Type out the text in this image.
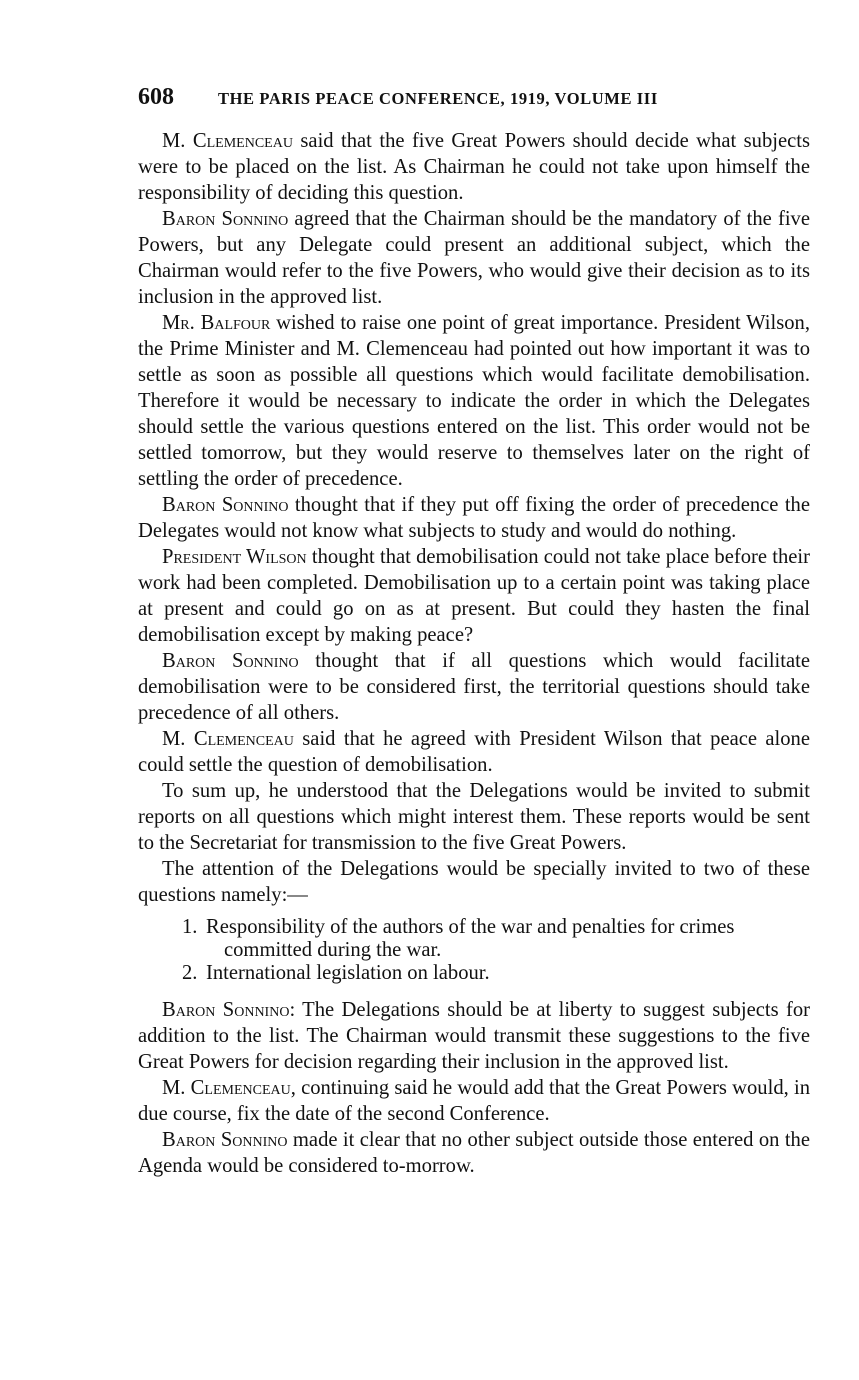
608	THE PARIS PEACE CONFERENCE, 1919, VOLUME III

M. Clemenceau said that the five Great Powers should decide what subjects were to be placed on the list. As Chairman he could not take upon himself the responsibility of deciding this question.

Baron Sonnino agreed that the Chairman should be the mandatory of the five Powers, but any Delegate could present an additional subject, which the Chairman would refer to the five Powers, who would give their decision as to its inclusion in the approved list.

Mr. Balfour wished to raise one point of great importance. President Wilson, the Prime Minister and M. Clemenceau had pointed out how important it was to settle as soon as possible all questions which would facilitate demobilisation. Therefore it would be necessary to indicate the order in which the Delegates should settle the various questions entered on the list. This order would not be settled tomorrow, but they would reserve to themselves later on the right of settling the order of precedence.

Baron Sonnino thought that if they put off fixing the order of precedence the Delegates would not know what subjects to study and would do nothing.

President Wilson thought that demobilisation could not take place before their work had been completed. Demobilisation up to a certain point was taking place at present and could go on as at present. But could they hasten the final demobilisation except by making peace?

Baron Sonnino thought that if all questions which would facilitate demobilisation were to be considered first, the territorial questions should take precedence of all others.

M. Clemenceau said that he agreed with President Wilson that peace alone could settle the question of demobilisation.

To sum up, he understood that the Delegations would be invited to submit reports on all questions which might interest them. These reports would be sent to the Secretariat for transmission to the five Great Powers.

The attention of the Delegations would be specially invited to two of these questions namely:—

1. Responsibility of the authors of the war and penalties for crimes
committed during the war.
2. International legislation on labour.

Baron Sonnino: The Delegations should be at liberty to suggest subjects for addition to the list. The Chairman would transmit these suggestions to the five Great Powers for decision regarding their inclusion in the approved list.

M. Clemenceau, continuing said he would add that the Great Powers would, in due course, fix the date of the second Conference.

Baron Sonnino made it clear that no other subject outside those entered on the Agenda would be considered to-morrow.
